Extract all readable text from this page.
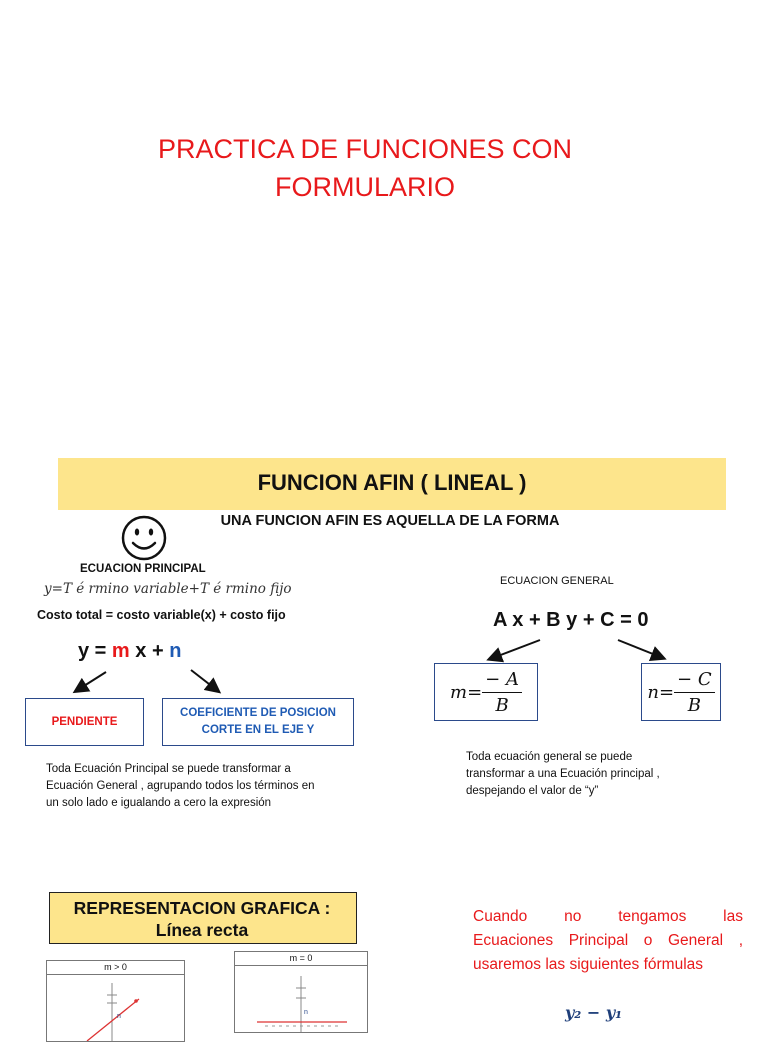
PRACTICA DE FUNCIONES CON
FORMULARIO
FUNCION AFIN ( LINEAL )
UNA FUNCION AFIN ES AQUELLA DE LA FORMA
ECUACION PRINCIPAL
y=T é rmino variable+T é rmino fijo
Costo total = costo variable(x) + costo fijo
y = m x + n
PENDIENTE
COEFICIENTE DE POSICION
CORTE EN EL EJE Y
Toda Ecuación Principal se puede transformar a
Ecuación General , agrupando todos los términos en
un solo lado e igualando a cero la expresión
ECUACION GENERAL
A x + B y + C = 0
$m= \frac{- A}{B}$	$n= \frac{- C}{B}$
Toda ecuación general se puede
transformar a una Ecuación principal ,
despejando el valor de “y”
REPRESENTACION GRAFICA :
Línea recta
m > 0
n
m = 0
n
Cuando no tengamos las
Ecuaciones Principal o General ,
usaremos las siguientes fórmulas
y₂ − y₁
